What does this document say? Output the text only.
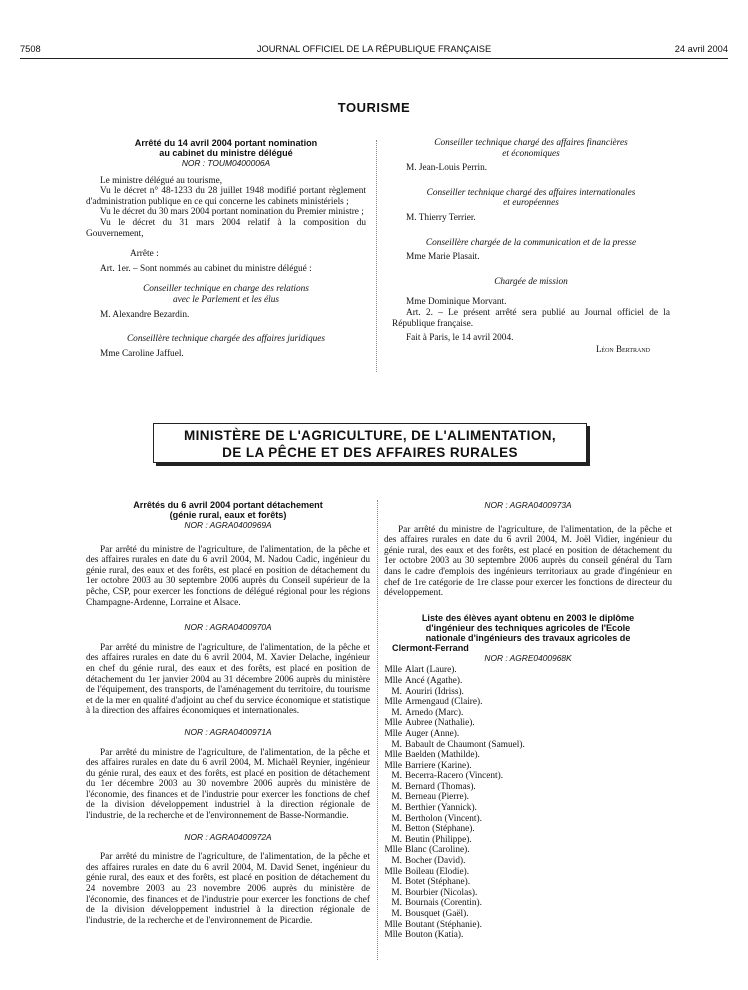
7508	JOURNAL OFFICIEL DE LA RÉPUBLIQUE FRANÇAISE	24 avril 2004
TOURISME
Arrêté du 14 avril 2004 portant nomination
au cabinet du ministre délégué
NOR : TOUM0400006A

Le ministre délégué au tourisme,

Vu le décret n° 48-1233 du 28 juillet 1948 modifié portant règlement d'administration publique en ce qui concerne les cabinets ministériels ;

Vu le décret du 30 mars 2004 portant nomination du Premier ministre ;

Vu le décret du 31 mars 2004 relatif à la composition du Gouvernement,

Arrête :

Art. 1er. – Sont nommés au cabinet du ministre délégué :

Conseiller technique en charge des relations

avec le Parlement et les élus

M. Alexandre Bezardin.

Conseillère technique chargée des affaires juridiques

Mme Caroline Jaffuel.

Conseiller technique chargé des affaires financières

et économiques

M. Jean-Louis Perrin.

Conseiller technique chargé des affaires internationales

et européennes

M. Thierry Terrier.

Conseillère chargée de la communication et de la presse

Mme Marie Plasait.

Chargée de mission

Mme Dominique Morvant.

Art. 2. – Le présent arrêté sera publié au Journal officiel de la République française.

Fait à Paris, le 14 avril 2004.

Léon Bertrand

MINISTÈRE DE L'AGRICULTURE, DE L'ALIMENTATION,
DE LA PÊCHE ET DES AFFAIRES RURALES
Arrêtés du 6 avril 2004 portant détachement
(génie rural, eaux et forêts)
NOR : AGRA0400969A

Par arrêté du ministre de l'agriculture, de l'alimentation, de la pêche et des affaires rurales en date du 6 avril 2004, M. Nadou Cadic, ingénieur du génie rural, des eaux et des forêts, est placé en position de détachement du 1er octobre 2003 au 30 septembre 2006 auprès du Conseil supérieur de la pêche, CSP, pour exercer les fonctions de délégué régional pour les régions Champagne-Ardenne, Lorraine et Alsace.

NOR : AGRA0400970A

Par arrêté du ministre de l'agriculture, de l'alimentation, de la pêche et des affaires rurales en date du 6 avril 2004, M. Xavier Delache, ingénieur en chef du génie rural, des eaux et des forêts, est placé en position de détachement du 1er janvier 2004 au 31 décembre 2006 auprès du ministère de l'équipement, des transports, de l'aménagement du territoire, du tourisme et de la mer en qualité d'adjoint au chef du service économique et statistique à la direction des affaires économiques et internationales.

NOR : AGRA0400971A

Par arrêté du ministre de l'agriculture, de l'alimentation, de la pêche et des affaires rurales en date du 6 avril 2004, M. Michaël Reynier, ingénieur du génie rural, des eaux et des forêts, est placé en position de détachement du 1er décembre 2003 au 30 novembre 2006 auprès du ministère de l'économie, des finances et de l'industrie pour exercer les fonctions de chef de la division développement industriel à la direction régionale de l'industrie, de la recherche et de l'environnement de Basse-Normandie.

NOR : AGRA0400972A

Par arrêté du ministre de l'agriculture, de l'alimentation, de la pêche et des affaires rurales en date du 6 avril 2004, M. David Senet, ingénieur du génie rural, des eaux et des forêts, est placé en position de détachement du 24 novembre 2003 au 23 novembre 2006 auprès du ministère de l'économie, des finances et de l'industrie pour exercer les fonctions de chef de la division développement industriel à la direction régionale de l'industrie, de la recherche et de l'environnement de Picardie.

NOR : AGRA0400973A

Par arrêté du ministre de l'agriculture, de l'alimentation, de la pêche et des affaires rurales en date du 6 avril 2004, M. Joël Vidier, ingénieur du génie rural, des eaux et des forêts, est placé en position de détachement du 1er octobre 2003 au 30 septembre 2006 auprès du conseil général du Tarn dans le cadre d'emplois des ingénieurs territoriaux au grade d'ingénieur en chef de 1re catégorie de 1re classe pour exercer les fonctions de directeur du développement.

Liste des élèves ayant obtenu en 2003 le diplôme
d'ingénieur des techniques agricoles de l'Ecole
nationale d'ingénieurs des travaux agricoles de
Clermont-Ferrand
NOR : AGRE0400968K
Mlle Alart (Laure).
Mlle Ancé (Agathe).
M. Aouriri (Idriss).
Mlle Armengaud (Claire).
M. Arnedo (Marc).
Mlle Aubree (Nathalie).
Mlle Auger (Anne).
M. Babault de Chaumont (Samuel).
Mlle Baelden (Mathilde).
Mlle Barriere (Karine).
M. Becerra-Racero (Vincent).
M. Bernard (Thomas).
M. Berneau (Pierre).
M. Berthier (Yannick).
M. Bertholon (Vincent).
M. Betton (Stéphane).
M. Beutin (Philippe).
Mlle Blanc (Caroline).
M. Bocher (David).
Mlle Boileau (Elodie).
M. Botet (Stéphane).
M. Bourbier (Nicolas).
M. Bournais (Corentin).
M. Bousquet (Gaël).
Mlle Boutant (Stéphanie).
Mlle Bouton (Katia).
